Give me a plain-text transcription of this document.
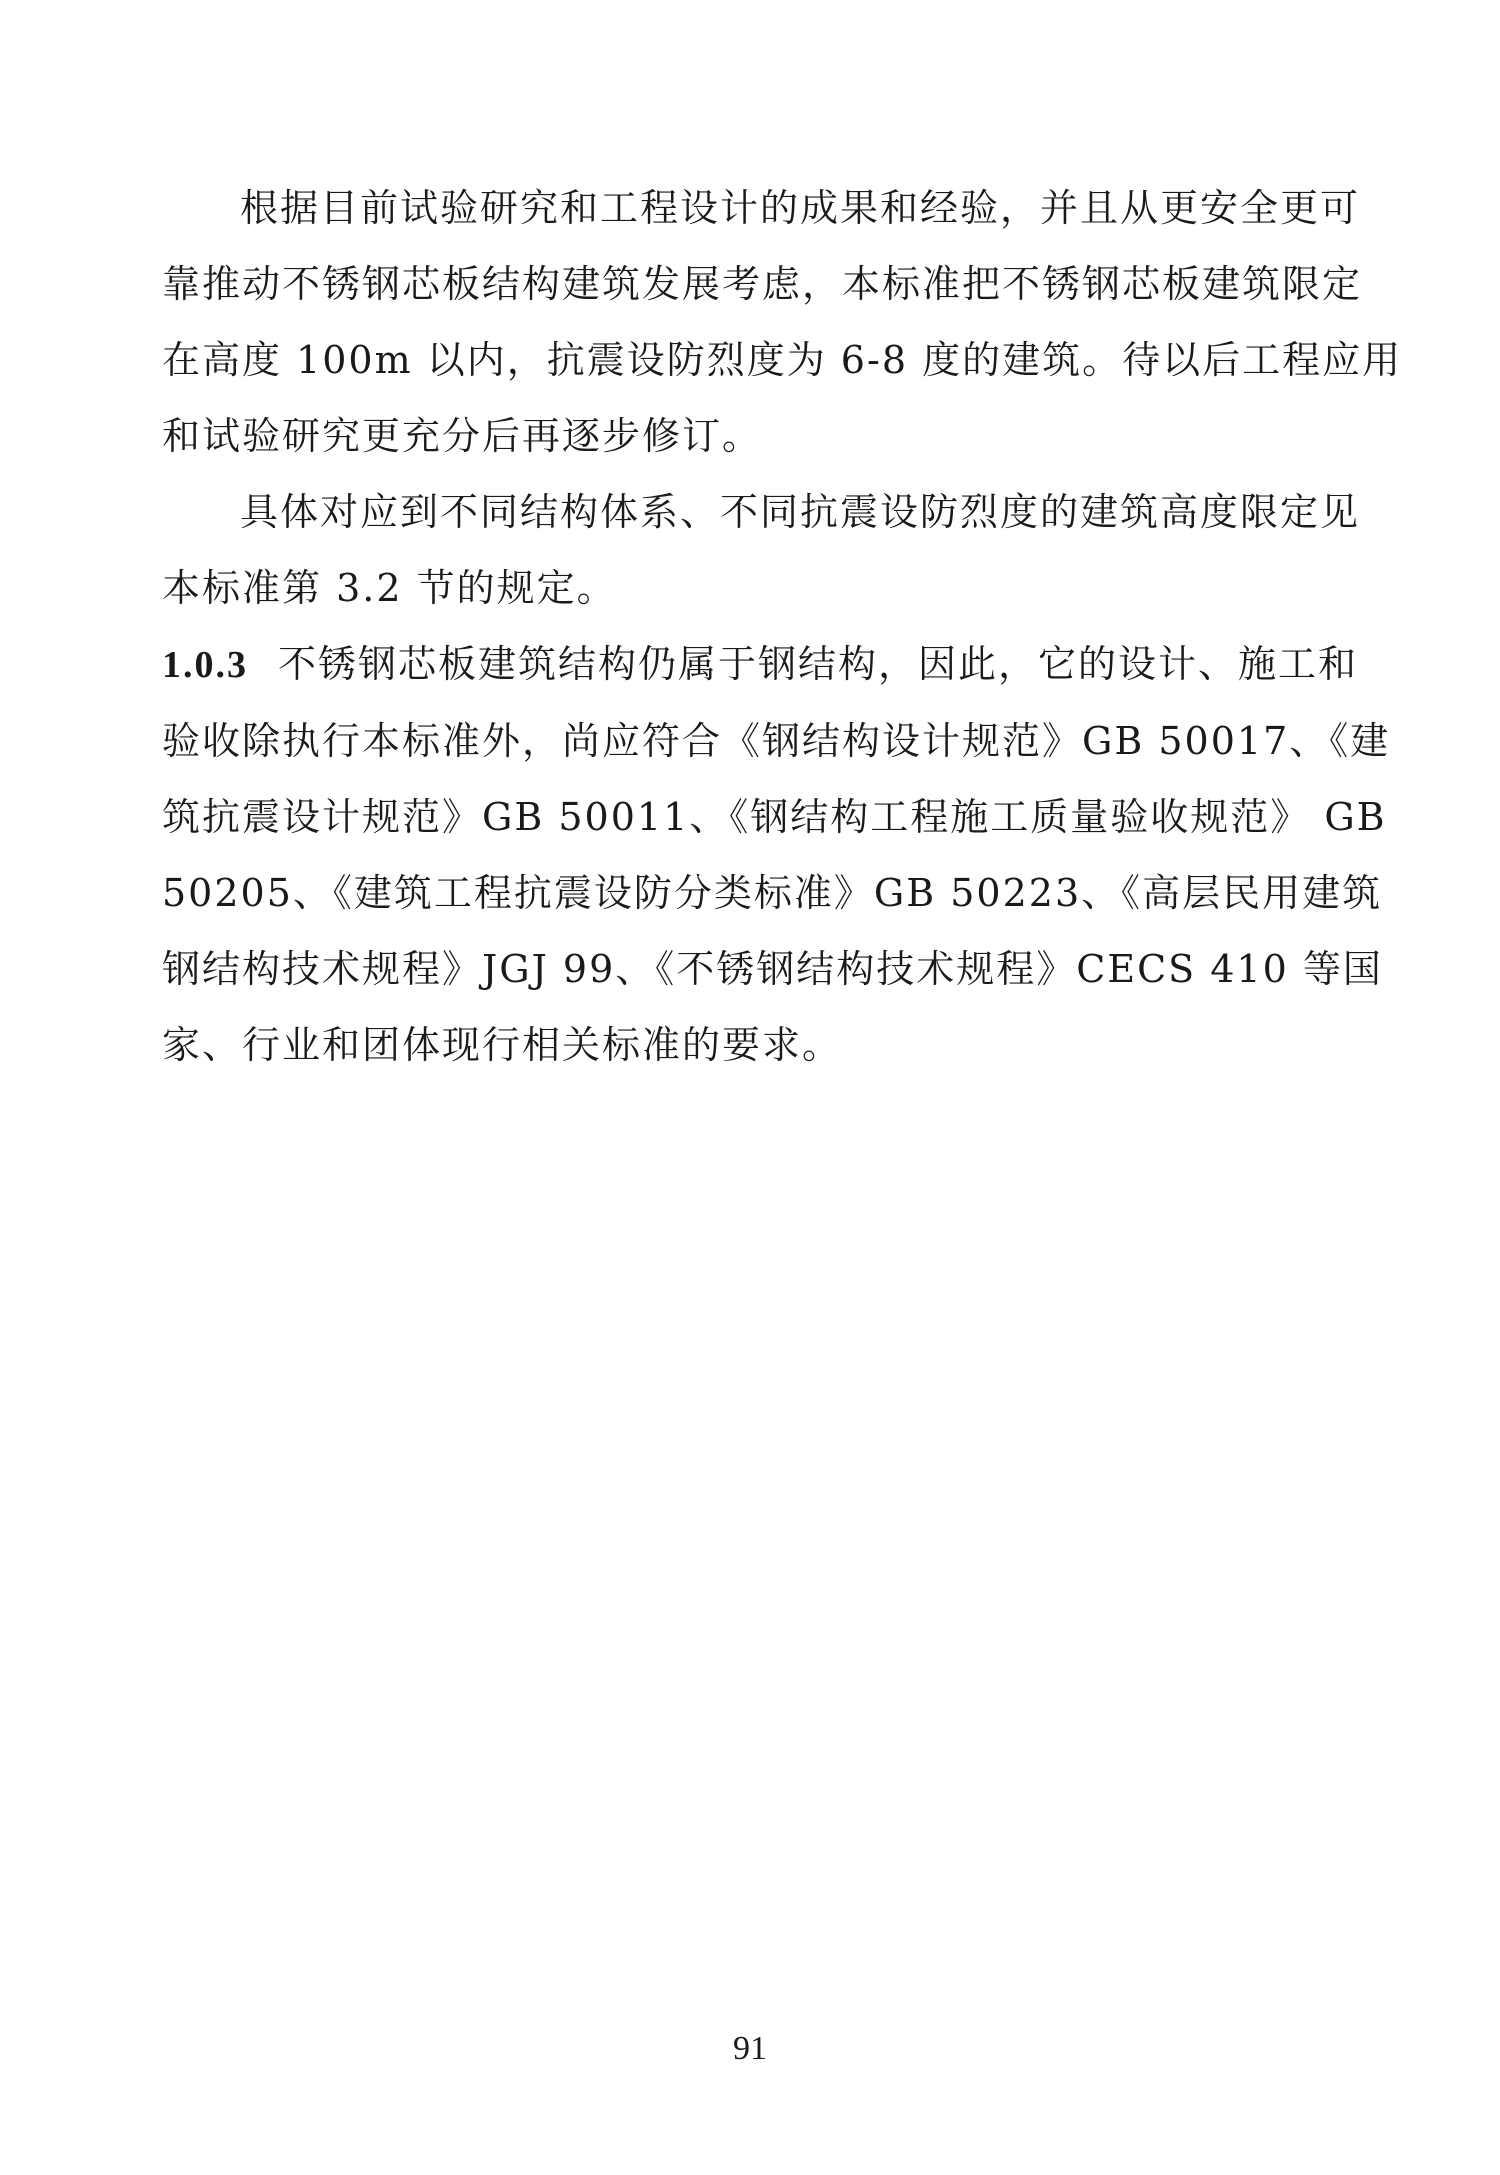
根据目前试验研究和工程设计的成果和经验，并且从更安全更可
靠推动不锈钢芯板结构建筑发展考虑，本标准把不锈钢芯板建筑限定
在高度 100m 以内，抗震设防烈度为 6-8 度的建筑。待以后工程应用
和试验研究更充分后再逐步修订。

具体对应到不同结构体系、不同抗震设防烈度的建筑高度限定见
本标准第 3.2 节的规定。

1.0.3 不锈钢芯板建筑结构仍属于钢结构，因此，它的设计、施工和
验收除执行本标准外，尚应符合《钢结构设计规范》GB 50017、《建
筑抗震设计规范》GB 50011、《钢结构工程施工质量验收规范》 GB
50205、《建筑工程抗震设防分类标准》GB 50223、《高层民用建筑
钢结构技术规程》JGJ 99、《不锈钢结构技术规程》CECS 410 等国
家、行业和团体现行相关标准的要求。

91
